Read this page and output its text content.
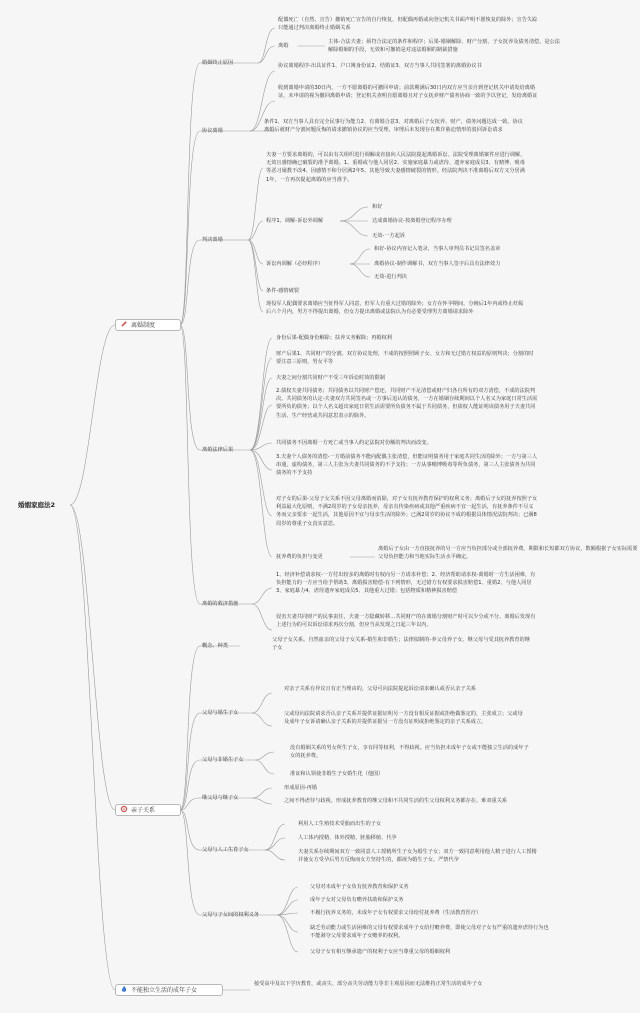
婚姻家庭法2
离婚制度
婚姻终止原因
配偶死亡（自然、宣告）撤销死亡宣告的自行恢复，但配偶再婚或向登记机关书面声明不愿恢复的除外；宣告失踪只能通过判决离婚终止婚姻关系
离婚
主体-合法夫妻；须符合法定的条件和程序；后果-婚姻解除、财产分割、子女抚养及债务清偿。是公法解除婚姻的手段，无效和可撤销是对违法婚姻的制裁措施
协议离婚
协议离婚程序-出具证件1、户口簿身份证2、结婚证3、双方当事人共同签署的离婚协议书
收到离婚申请的30日内，一方不愿离婚的可撤回申请；前款期满后30日内双方应当亲自到登记机关申请发给离婚证，未申请的视为撤回离婚申请；登记机关查明自愿离婚且对子女抚养财产债务协商一致的予以登记，发给离婚证
条件1、双方当事人具有完全民事行为能力2、有离婚合意3、对离婚后子女抚养、财产、债务问题达成一致。协议离婚后就财产分割问题反悔的请求撤销协议的应当受理，审理后未发现存在欺诈胁迫情形的驳回诉讼请求
判决离婚
夫妻一方要求离婚的，可以由有关组织进行调解或直接向人民法院提起离婚诉讼。法院受理离婚案件应进行调解，无效且感情确已破裂的准予离婚。1、重婚或与他人同居2、实施家庭暴力或虐待、遗弃家庭成员3、有赌博、吸毒等恶习屡教不改4、因感情不和分居满2年5、其他导致夫妻感情破裂的情形。经法院判决不准离婚后双方又分居满1年，一方再次提起离婚的应当准予。
程序1、调解-诉讼外调解
和好
达成离婚协议-按离婚登记程序办理
无效-一方起诉
诉讼内调解（必经程序）
和好-协议内容记入笔录，当事人审判员书记员签名盖章
离婚协议-制作调解书，双方当事人签字后具有法律效力
无效-进行判决
条件-感情破裂
现役军人配偶要求离婚应当征得军人同意，但军人有重大过错的除外；女方在怀孕期间、分娩后1年内或终止妊娠后六个月内，男方不得提出离婚，但女方提出离婚或法院认为有必要受理男方离婚请求除外
离婚法律后果
身份后果-配偶身份解除；扶养义务解除；再婚权利
财产后果1、共同财产的分割。双方协议处理，不成的按照照顾子女、女方和无过错方权益的原则判决；分割的时要注意三原则，男女平等
夫妻之间分割共同财产不受三年诉讼时效的限制
2.债权夫妻共同债务；共同债务以共同财产偿还，共同财产不足清偿或财产归各自所有的双方清偿，不成的法院判决。共同债务的认定-夫妻双方共同签名或一方事后追认的债务，一方在婚姻存续期间以个人名义为家庭日常生活需要所负的债务；以个人名义超出家庭日常生活需要所负债务不属于共同债务，但债权人能证明该债务用于夫妻共同生活、生产经营或共同意思表示的除外。
共同债务不因离婚一方死亡或当事人约定法院对份额的判决而改变。
3.夫妻个人债务的清偿-一方婚前债务不能向配偶主张清偿，但能证明债务用于家庭共同生活的除外；一方与第三人串通，虚构债务，第三人主张为夫妻共同债务的不予支持；一方从事赌博吸毒等所负债务，第三人主张债务为共同债务的不予支持
对子女的后果-父母子女关系不因父母离婚而消除，对子女有抚养教育保护的权利义务；离婚后子女的抚养按照子女利益最大化原则，不满2周岁的子女母亲抚养，母亲有传染疾病或其他严重疾病不宜一起生活，有抚养条件不尽义务而父亲要求一起生活，其他原因不宜与母亲生活的除外；已满2周岁的协议不成的根据具体情况法院判决；已满8周岁的尊重子女真实意思。
抚养费的负担与变更
离婚后子女由一方直接抚养的另一方应当负担部分或全部抚养费。期限和长短都双方协议，数额根据子女实际需要父母负担能力和当地实际生活水平确定。
离婚的救济措施
1、经济补偿请求权-一方付出较多的离婚时有权向另一方请求补偿；2、经济帮助请求权-离婚时一方生活困难，有负担能力的一方应当给予帮助3、离婚损害赔偿-有下列情形，无过错方有权要求损害赔偿1、重婚2、与他人同居3、家庭暴力4、虐待遗弃家庭成员5、其他重大过错；包括物质和精神损害赔偿
侵害夫妻共同财产的民事责任，夫妻一方隐藏转移…共同财产的在离婚分割财产时可以少分或不分。离婚后发现有上述行为的可以诉讼请求再次分割，但应当从发现之日起三年以内。
亲子关系
概念、种类
父母子女关系。自然血亲的父母子女关系-婚生和非婚生；法律拟制的-养父母养子女、继父母与受其抚养教育的继子女
父母与婚生子女
对亲子关系有异议且有正当理由的，父母可向法院提起诉讼请求确认或否认亲子关系
父或母向法院请求否认亲子关系并提供证据证明另一方没有相反证据或拒绝做鉴定的，主张成立；父或母及成年子女诉请确认亲子关系的并提供证据另一方没有证明或拒绝鉴定的亲子关系成立。
父母与非婚生子女
没有婚姻关系的男女所生子女，享有同等权利，不得歧视。应当负担未成年子女或不能独立生活的成年子女的抚养费。
准证和认领使非婚生子女婚生化（他国）
继父母与继子女
形成原因-再婚
之间不得虐待与歧视。形成抚养教育的继父母和不共同生活的生父母权利义务都存在。难双重关系
父母与人工生育子女
利用人工生殖技术受胎而出生的子女
人工体内授精、体外授精、胚胎移植、代孕
夫妻关系存续期间双方一致同意人工授精所生子女为婚生子女；双方一致同意利用他人精子进行人工授精并使女方受孕后男方反悔而女方坚持生的，都视为婚生子女。严禁代孕
父母与子女间的权利义务
父母对未成年子女负有抚养教育和保护义务
成年子女对父母负有赡养扶助和保护义务
不履行抚养义务的，未成年子女有权要求父母给付抚养费（生活教育医疗）
缺乏劳动能力或生活困难的父母有权要求成年子女给付赡养费，即使父母对子女有严重的遗弃虐待行为也不能剥夺父母要求成年子女赡养的权利。
父母子女有相互继承遗产的权利子女应当尊重父母的婚姻权利
不能独立生活的成年子女
接受高中及以下学历教育，或丧失、部分丧失劳动能力等非主观原因而无法维持正常生活的成年子女
